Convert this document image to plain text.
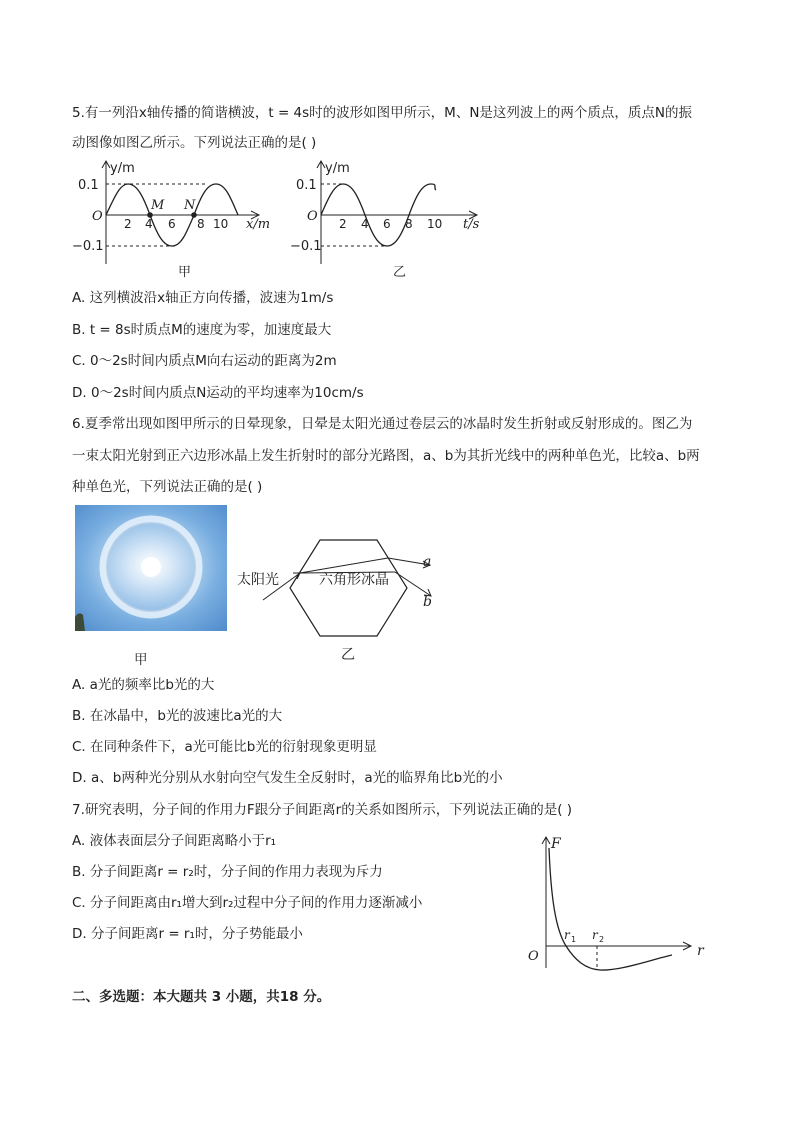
5.有一列沿x轴传播的简谐横波，t = 4s时的波形如图甲所示，M、N是这列波上的两个质点，质点N的振
动图像如图乙所示。下列说法正确的是( )
y/m
0.1
−0.1
O 2 4 6 8 10
M N
x/m
甲
y/m
0.1
−0.1
O 2 4 6 8 10 t/s
乙
A. 这列横波沿x轴正方向传播，波速为1m/s
B. t = 8s时质点M的速度为零，加速度最大
C. 0～2s时间内质点M向右运动的距离为2m
D. 0～2s时间内质点N运动的平均速率为10cm/s
6.夏季常出现如图甲所示的日晕现象，日晕是太阳光通过卷层云的冰晶时发生折射或反射形成的。图乙为
一束太阳光射到正六边形冰晶上发生折射时的部分光路图，a、b为其折光线中的两种单色光，比较a、b两
种单色光，下列说法正确的是( )
甲
太阳光	六角形冰晶
a
b
乙
A. a光的频率比b光的大
B. 在冰晶中，b光的波速比a光的大
C. 在同种条件下，a光可能比b光的衍射现象更明显
D. a、b两种光分别从水射向空气发生全反射时，a光的临界角比b光的小
7.研究表明，分子间的作用力F跟分子间距离r的关系如图所示，下列说法正确的是( )
A. 液体表面层分子间距离略小于r₁
B. 分子间距离r = r₂时，分子间的作用力表现为斥力
C. 分子间距离由r₁增大到r₂过程中分子间的作用力逐渐减小
D. 分子间距离r = r₁时，分子势能最小
F
r
O
r 1 r 2
二、多选题：本大题共 3 小题，共18 分。
